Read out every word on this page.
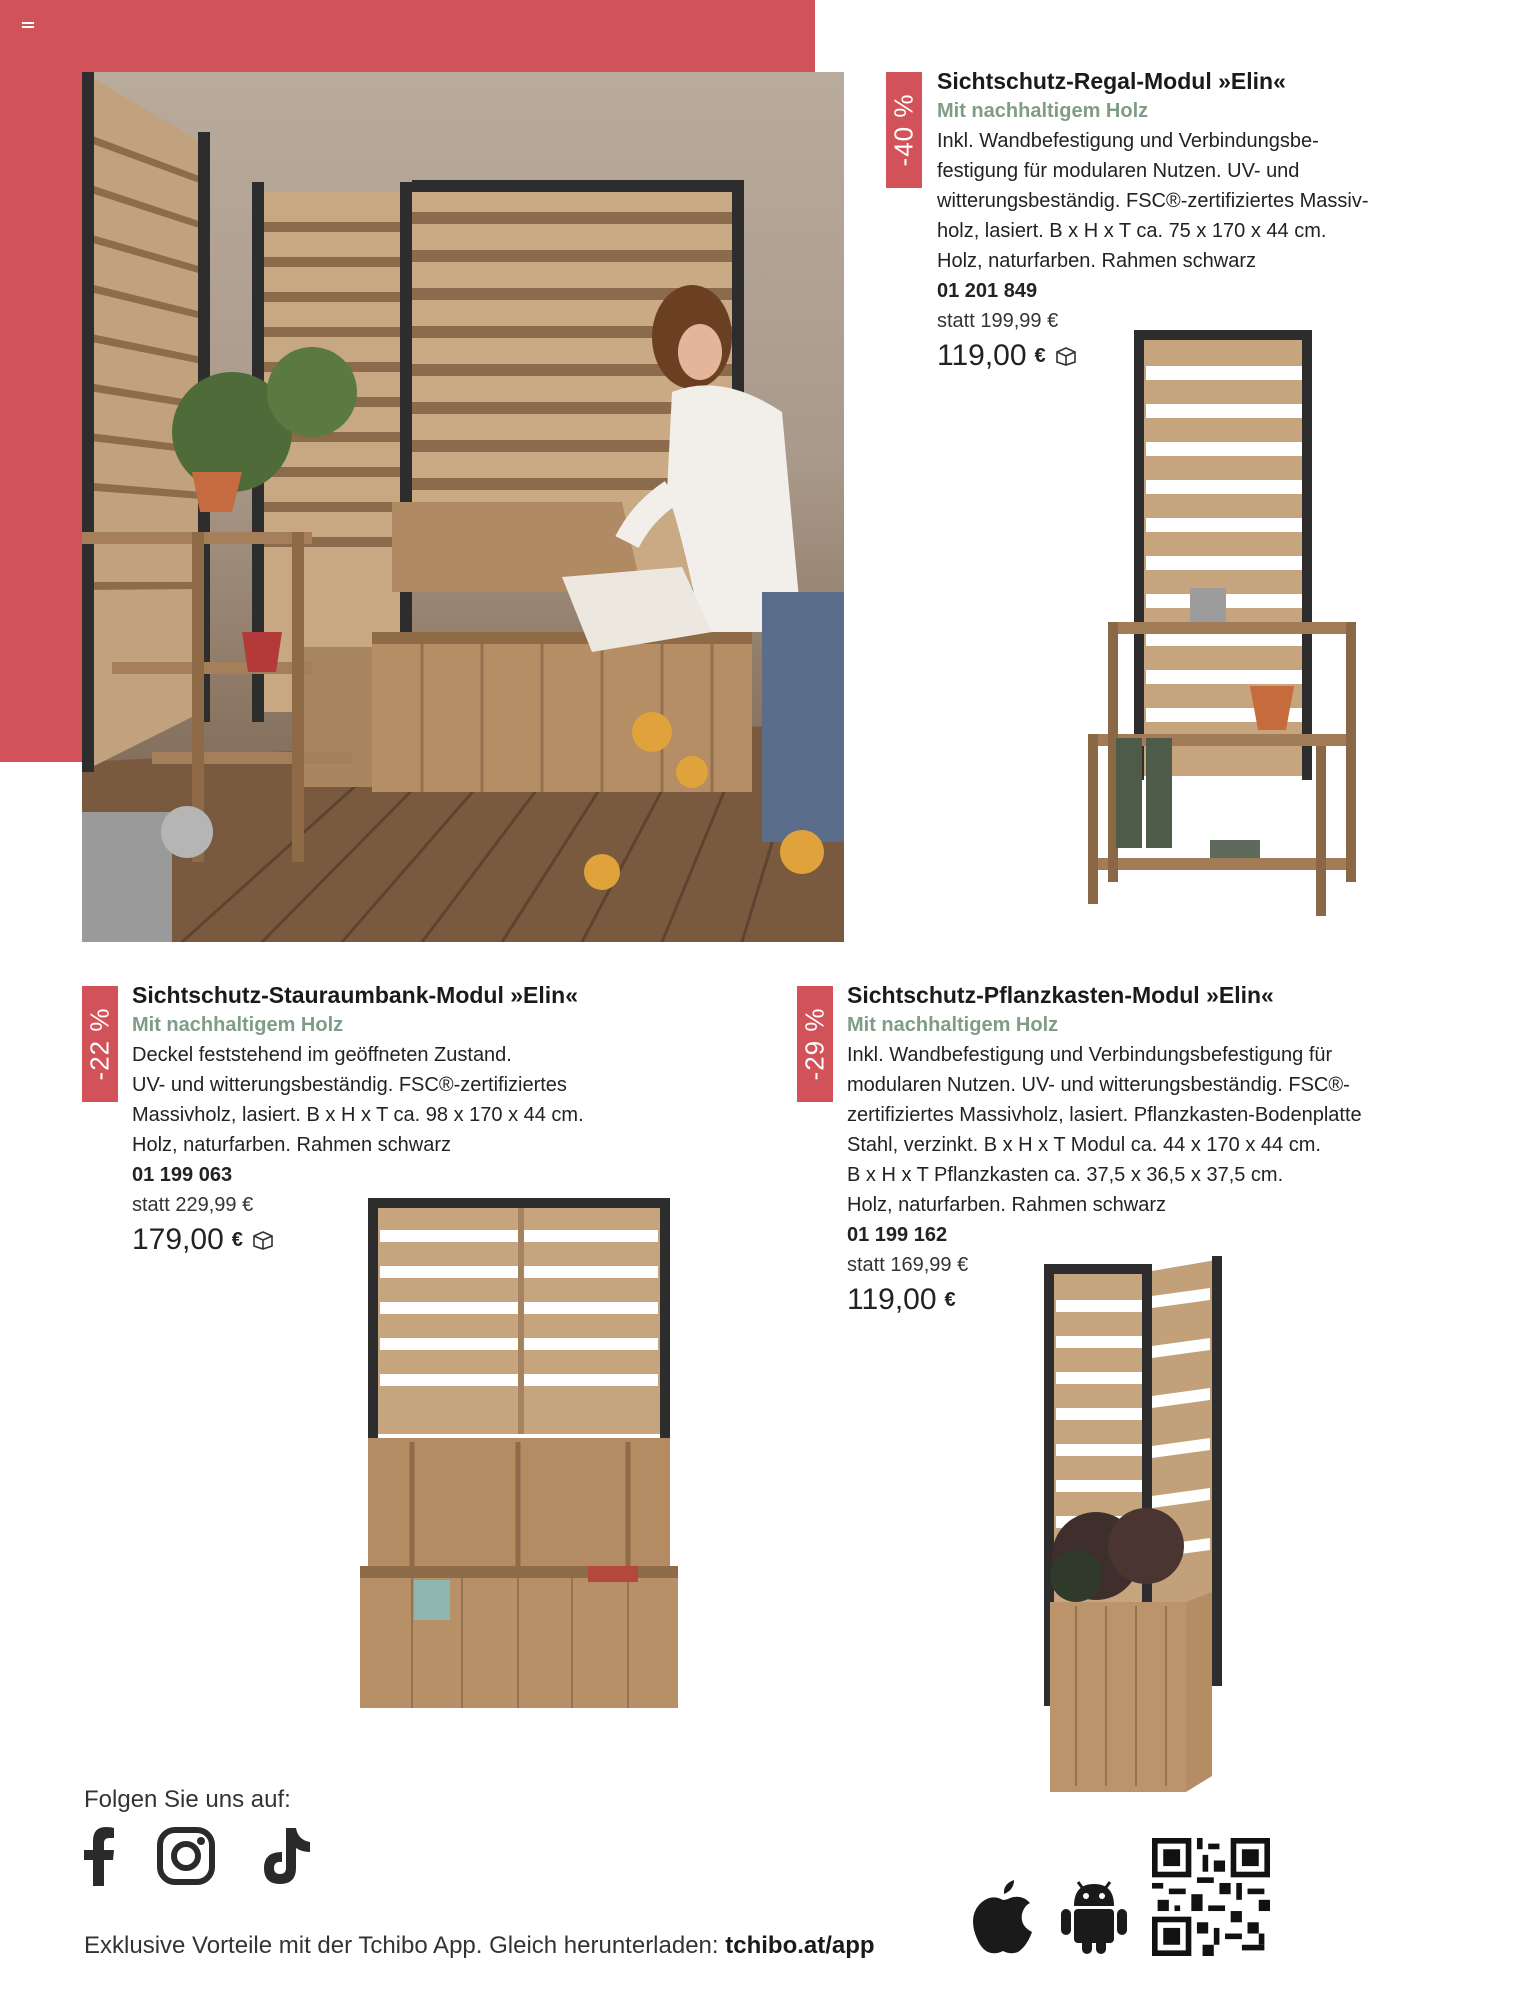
-40 %
Sichtschutz-Regal-Modul »Elin«
Mit nachhaltigem Holz

Inkl. Wandbefestigung und Verbindungsbe-
festigung für modularen Nutzen. UV- und
witterungsbeständig. FSC®-zertifiziertes Massiv-
holz, lasiert. B x H x T ca. 75 x 170 x 44 cm.
Holz, naturfarben. Rahmen schwarz

01 201 849
statt 199,99 €
119,00 €
-22 %
Sichtschutz-Stauraumbank-Modul »Elin«
Mit nachhaltigem Holz

Deckel feststehend im geöffneten Zustand.
UV- und witterungsbeständig. FSC®-zertifiziertes
Massivholz, lasiert. B x H x T ca. 98 x 170 x 44 cm.
Holz, naturfarben. Rahmen schwarz

01 199 063
statt 229,99 €
179,00 €
-29 %
Sichtschutz-Pflanzkasten-Modul »Elin«
Mit nachhaltigem Holz

Inkl. Wandbefestigung und Verbindungsbefestigung für
modularen Nutzen. UV- und witterungsbeständig. FSC®-
zertifiziertes Massivholz, lasiert. Pflanzkasten-Bodenplatte
Stahl, verzinkt. B x H x T Modul ca. 44 x 170 x 44 cm.
B x H x T Pflanzkasten ca. 37,5 x 36,5 x 37,5 cm.
Holz, naturfarben. Rahmen schwarz

01 199 162
statt 169,99 €
119,00 €
Folgen Sie uns auf:
Exklusive Vorteile mit der Tchibo App. Gleich herunterladen: tchibo.at/app
